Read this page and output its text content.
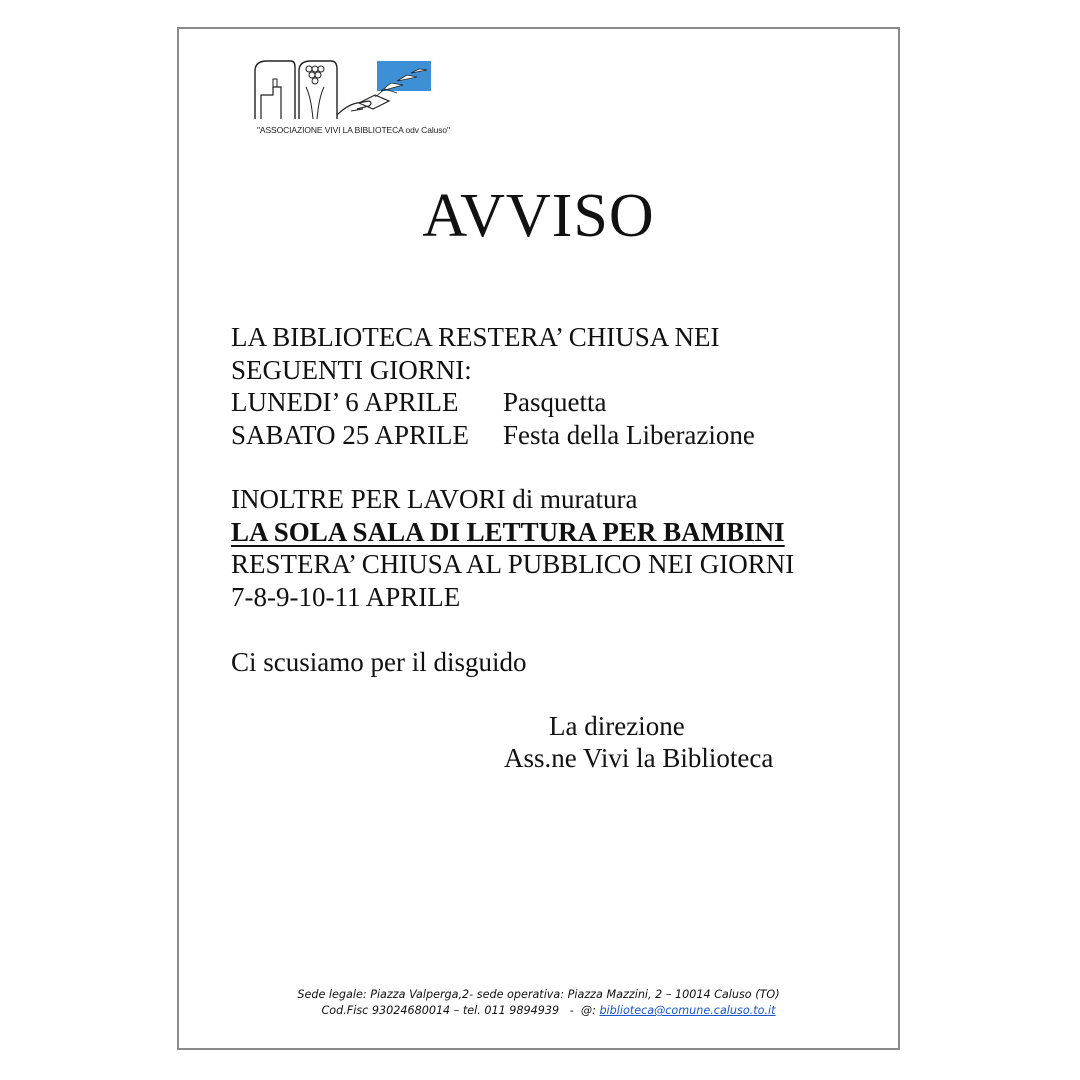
"ASSOCIAZIONE VIVI LA BIBLIOTECA odv Caluso"
AVVISO
LA BIBLIOTECA RESTERA’ CHIUSA NEI
SEGUENTI GIORNI:
LUNEDI’ 6 APRILE Pasquetta
SABATO 25 APRILE Festa della Liberazione
INOLTRE PER LAVORI di muratura
LA SOLA SALA DI LETTURA PER BAMBINI
RESTERA’ CHIUSA AL PUBBLICO NEI GIORNI
7-8-9-10-11 APRILE
Ci scusiamo per il disguido
La direzione
Ass.ne Vivi la Biblioteca
Sede legale: Piazza Valperga,2- sede operativa: Piazza Mazzini, 2 – 10014 Caluso (TO)
Cod.Fisc 93024680014 – tel. 011 9894939   -  @: biblioteca@comune.caluso.to.it
